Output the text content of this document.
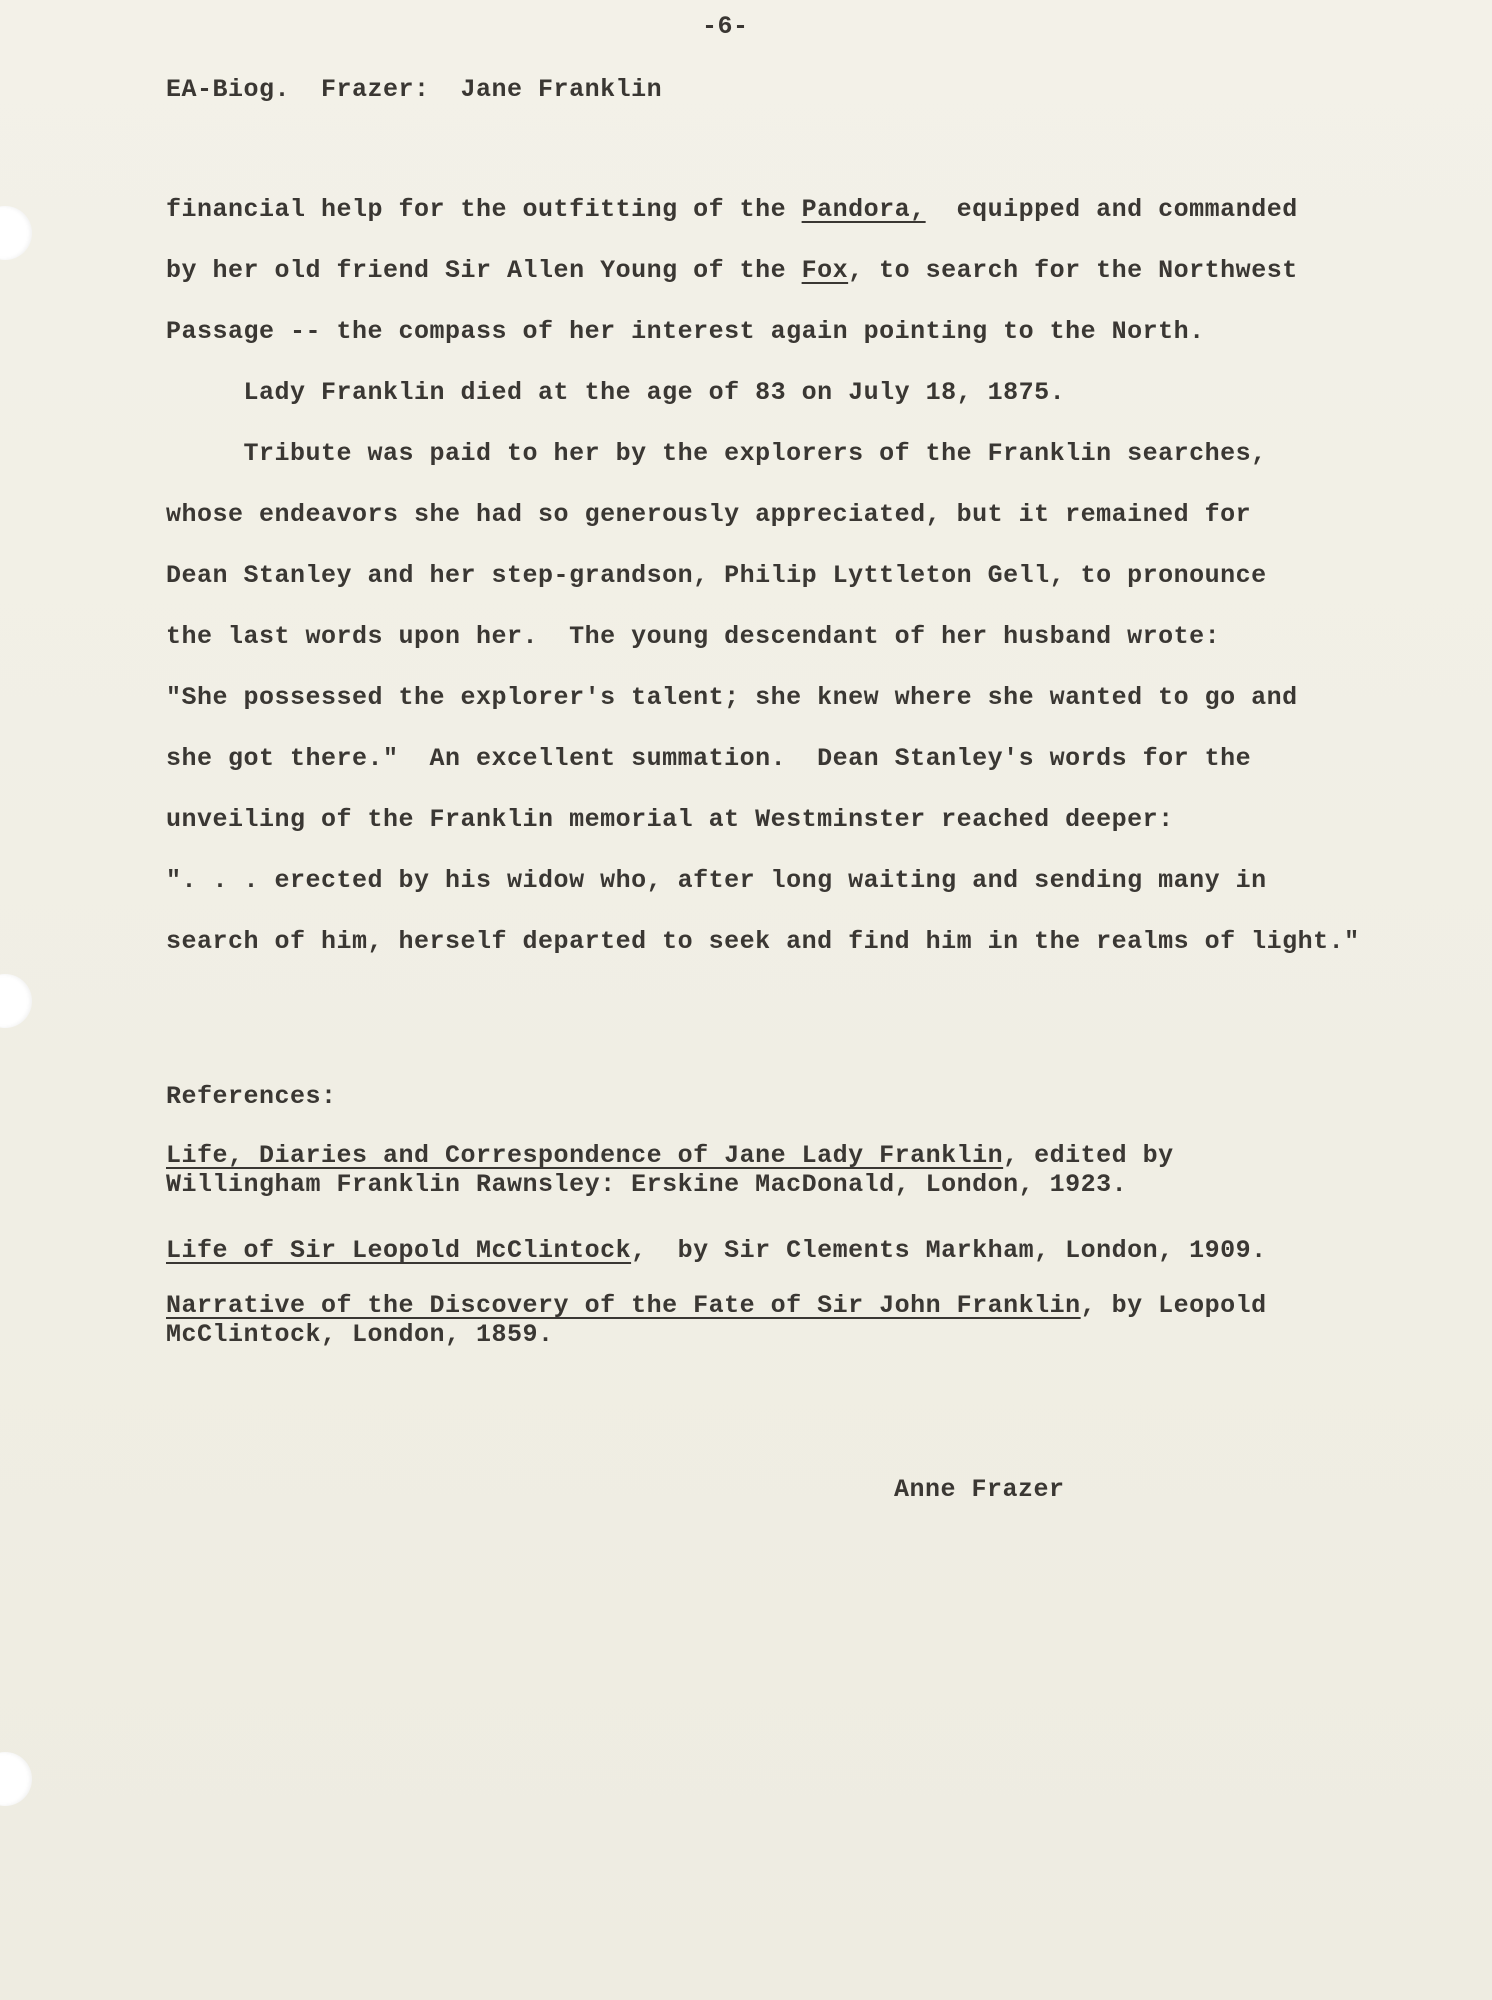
-6-
EA-Biog.  Frazer:  Jane Franklin
financial help for the outfitting of the Pandora,  equipped and commanded
by her old friend Sir Allen Young of the Fox, to search for the Northwest
Passage -- the compass of her interest again pointing to the North.
Lady Franklin died at the age of 83 on July 18, 1875.
Tribute was paid to her by the explorers of the Franklin searches,
whose endeavors she had so generously appreciated, but it remained for
Dean Stanley and her step-grandson, Philip Lyttleton Gell, to pronounce
the last words upon her.  The young descendant of her husband wrote:
"She possessed the explorer's talent; she knew where she wanted to go and
she got there."  An excellent summation.  Dean Stanley's words for the
unveiling of the Franklin memorial at Westminster reached deeper:
". . . erected by his widow who, after long waiting and sending many in
search of him, herself departed to seek and find him in the realms of light."
References:
Life, Diaries and Correspondence of Jane Lady Franklin, edited by
Willingham Franklin Rawnsley: Erskine MacDonald, London, 1923.
Life of Sir Leopold McClintock,  by Sir Clements Markham, London, 1909.
Narrative of the Discovery of the Fate of Sir John Franklin, by Leopold
McClintock, London, 1859.
Anne Frazer
